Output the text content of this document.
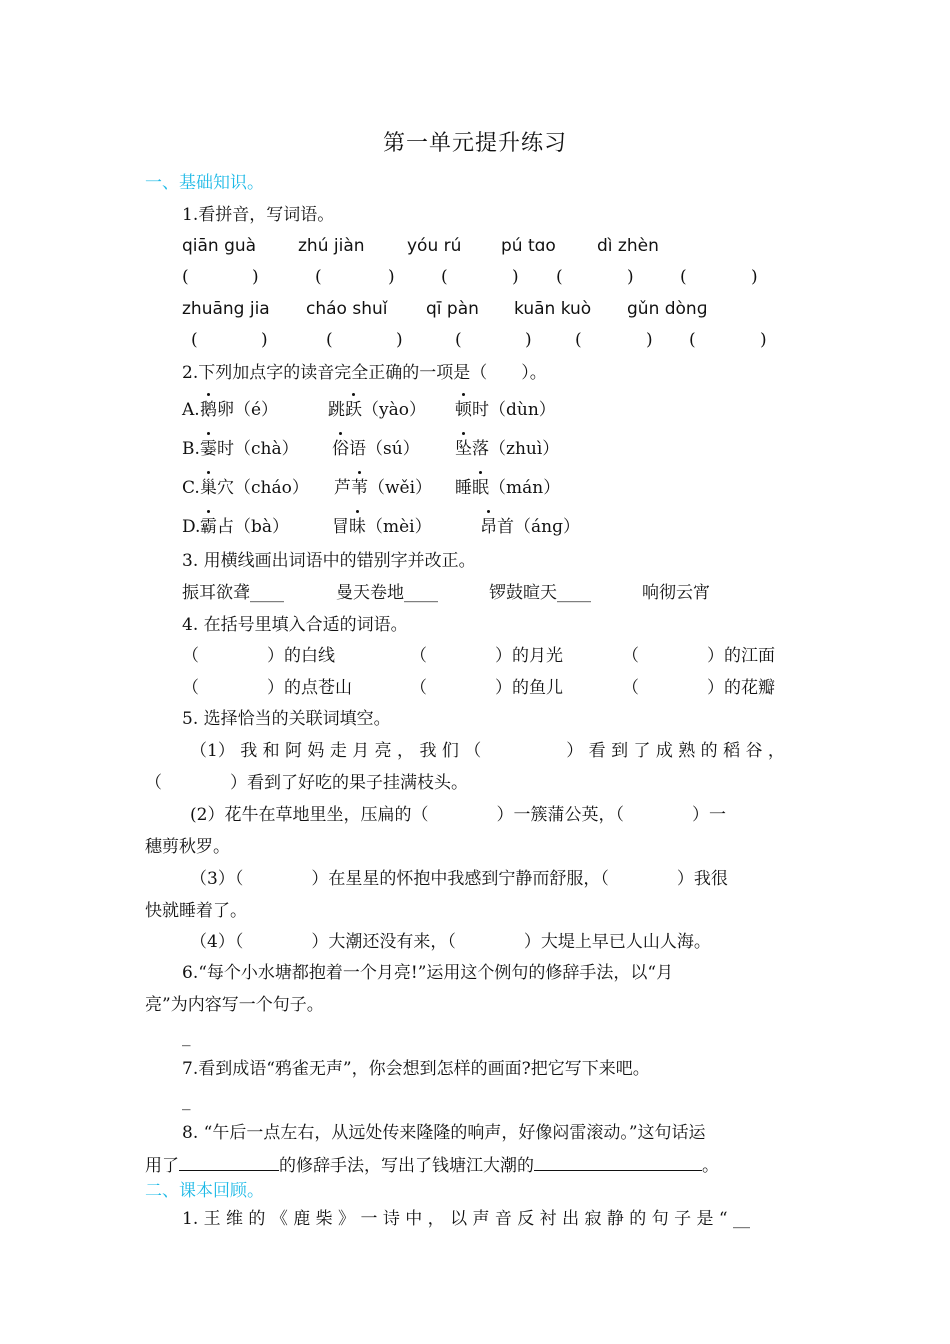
第一单元提升练习
一、基础知识。
1.看拼音，写词语。
qiān guà zhú jiàn yóu rú pú tɑo dì zhèn
(	)	(	)	(	) (	)	(	)
zhuāng jia cháo shuǐ qī pàn kuān kuò gǔn dònɡ
(	)	(	)	(	)	(	) (	)
2.下列加点字的读音完全正确的一项是（　　）。
A. 鹅卵（é）	跳跃（yào） 顿时（dùn）
B. 霎时（chà） 俗语（sú） 坠落（zhuì）
C. 巢穴（cháo） 芦苇（wěi） 睡眠（mán）
D. 霸占（bà）	冒昧（mèi）	昂首（ánɡ）
3. 用横线画出词语中的错别字并改正。
振耳欲聋____	曼天卷地____	锣鼓暄天____	响彻云宵
4. 在括号里填入合适的词语。
（　　　　）的白线	（　　　　）的月光	（　　　　）的江面
（　　　　）的点苍山	（　　　　）的鱼儿	（　　　　）的花瓣
5. 选择恰当的关联词填空。
（1） 我 和 阿 妈 走 月 亮 ， 我 们 （　　　　　） 看 到 了 成 熟 的 稻 谷 ，
（　　　　）看到了好吃的果子挂满枝头。
(2）花牛在草地里坐，压扁的（　　　　）一簇蒲公英，（　　　　）一
穗剪秋罗。
（3）（　　　　）在星星的怀抱中我感到宁静而舒服，（　　　　）我很
快就睡着了。
（4）（　　　　）大潮还没有来，（　　　　）大堤上早已人山人海。
6.“每个小水塘都抱着一个月亮!”运用这个例句的修辞手法，以“月
亮”为内容写一个句子。
_
7.看到成语“鸦雀无声”，你会想到怎样的画面?把它写下来吧。
_
8. “午后一点左右，从远处传来隆隆的响声，好像闷雷滚动。”这句话运
用了	的修辞手法，写出了钱塘江大潮的	。
二、课本回顾。
1. 王 维 的 《 鹿 柴 》 一 诗 中 ， 以 声 音 反 衬 出 寂 静 的 句 子 是 “ __
